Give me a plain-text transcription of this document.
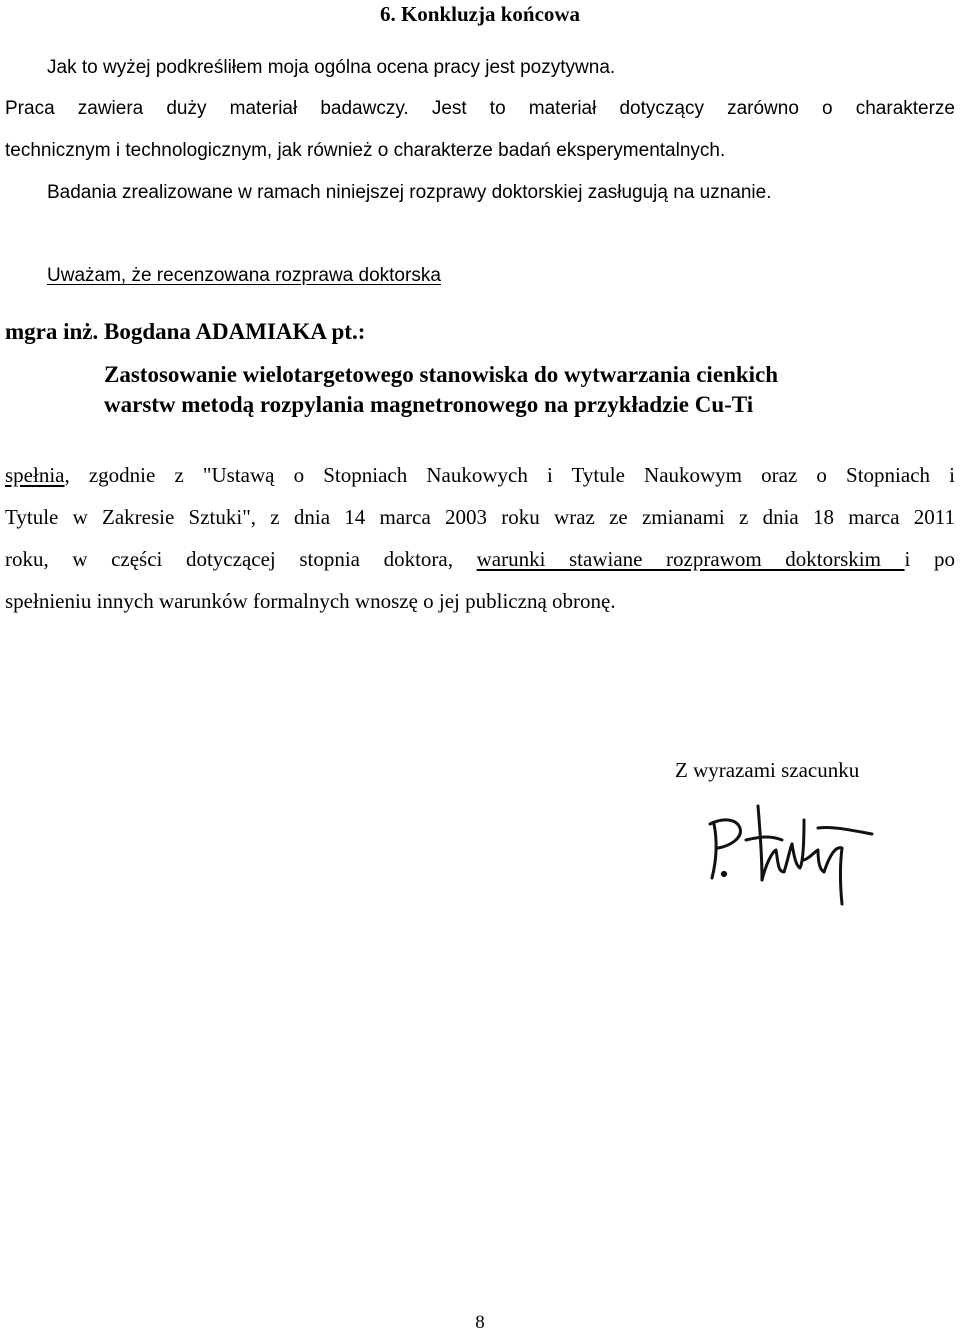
6. Konkluzja końcowa
Jak to wyżej podkreśliłem moja ogólna ocena pracy jest pozytywna.
Praca zawiera duży materiał badawczy. Jest to materiał dotyczący zarówno o charakterze
technicznym i technologicznym, jak również o charakterze badań eksperymentalnych.
Badania zrealizowane w ramach niniejszej rozprawy doktorskiej zasługują na uznanie.
Uważam, że recenzowana rozprawa doktorska
mgra inż. Bogdana ADAMIAKA pt.:
Zastosowanie wielotargetowego stanowiska do wytwarzania cienkich
warstw metodą rozpylania magnetronowego na przykładzie Cu-Ti
spełnia, zgodnie z "Ustawą o Stopniach Naukowych i Tytule Naukowym oraz o Stopniach i
Tytule w Zakresie Sztuki", z dnia 14 marca 2003 roku wraz ze zmianami z dnia 18 marca 2011
roku, w części dotyczącej stopnia doktora, warunki stawiane rozprawom doktorskim i po
spełnieniu innych warunków formalnych wnoszę o jej publiczną obronę.
Z wyrazami szacunku
8
